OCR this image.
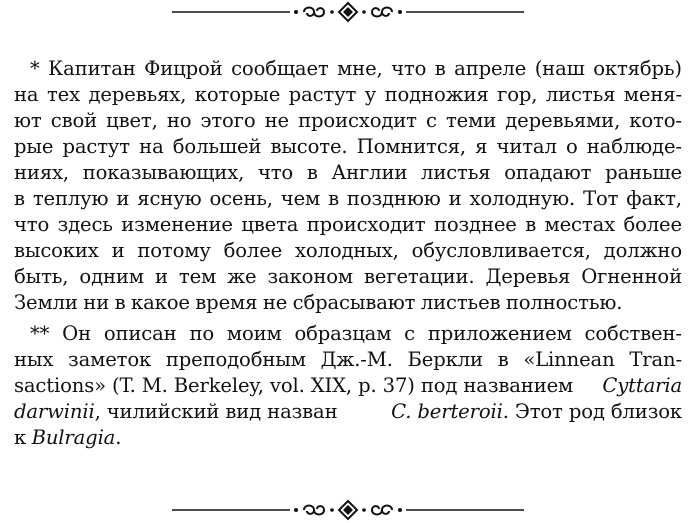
* Капитан Фицрой сообщает мне, что в апреле (наш октябрь)
на тех деревьях, которые растут у подножия гор, листья меня-
ют свой цвет, но этого не происходит с теми деревьями, кото-
рые растут на большей высоте. Помнится, я читал о наблюде-
ниях, показывающих, что в Англии листья опадают раньше
в теплую и ясную осень, чем в позднюю и холодную. Тот факт,
что здесь изменение цвета происходит позднее в местах более
высоких и потому более холодных, обусловливается, должно
быть, одним и тем же законом вегетации. Деревья Огненной
Земли ни в какое время не сбрасывают листьев полностью.
** Он описан по моим образцам с приложением собствен-
ных заметок преподобным Дж.-М. Беркли в «Linnean Tran-
sactions» (T. M. Berkeley, vol. XIX, p. 37) под названием Cyttaria
darwinii, чилийский вид назван	C. berteroii. Этот род близок
к Bulragia.
